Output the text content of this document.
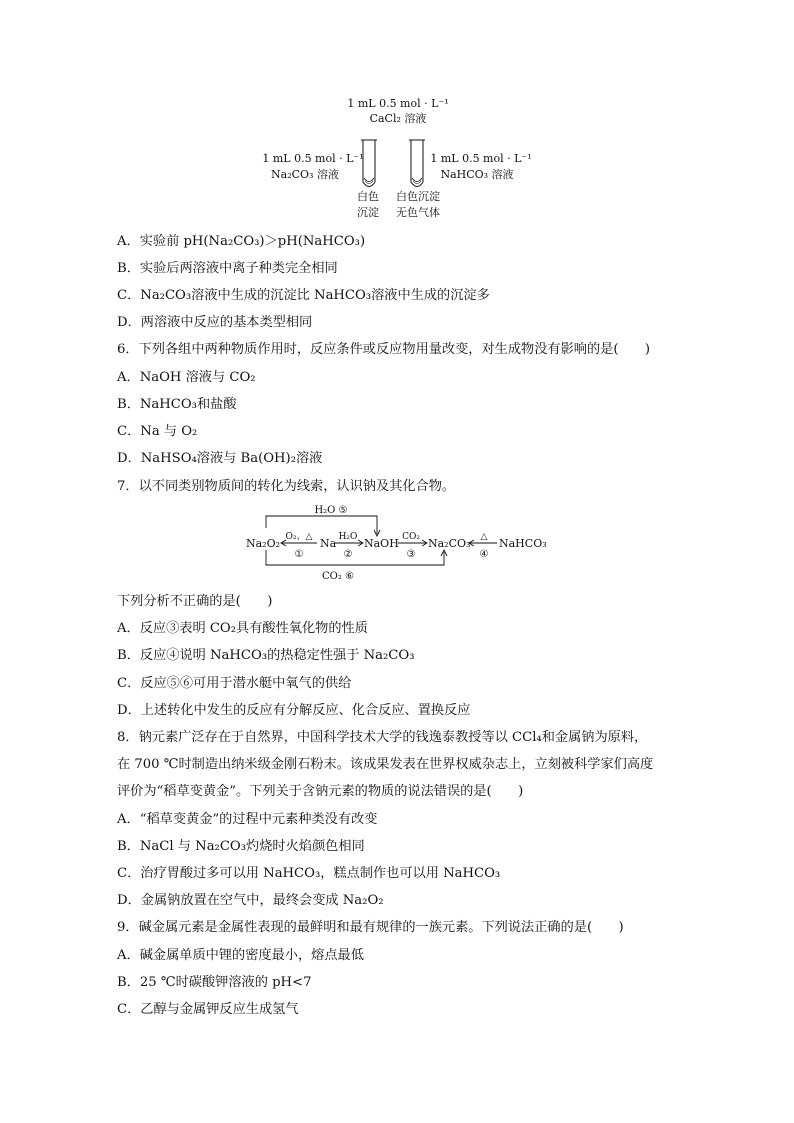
1 mL 0.5 mol · L⁻¹
CaCl₂ 溶液
1 mL 0.5 mol · L⁻¹
Na₂CO₃ 溶液
1 mL 0.5 mol · L⁻¹
NaHCO₃ 溶液
白色
沉淀
白色沉淀
无色气体
A．实验前 pH(Na₂CO₃)＞pH(NaHCO₃)
B．实验后两溶液中离子种类完全相同
C．Na₂CO₃溶液中生成的沉淀比 NaHCO₃溶液中生成的沉淀多
D．两溶液中反应的基本类型相同
6．下列各组中两种物质作用时，反应条件或反应物用量改变，对生成物没有影响的是(　　)
A．NaOH 溶液与 CO₂
B．NaHCO₃和盐酸
C．Na 与 O₂
D．NaHSO₄溶液与 Ba(OH)₂溶液
7．以不同类别物质间的转化为线索，认识钠及其化合物。
H₂O ⑤
CO₂ ⑥
Na₂O₂	Na	NaOH	Na₂CO₃	NaHCO₃
O₂、△
①
H₂O
②
CO₂
③
△
④
下列分析不正确的是(　　)
A．反应③表明 CO₂具有酸性氧化物的性质
B．反应④说明 NaHCO₃的热稳定性强于 Na₂CO₃
C．反应⑤⑥可用于潜水艇中氧气的供给
D．上述转化中发生的反应有分解反应、化合反应、置换反应
8．钠元素广泛存在于自然界，中国科学技术大学的钱逸泰教授等以 CCl₄和金属钠为原料，
在 700 ℃时制造出纳米级金刚石粉末。该成果发表在世界权威杂志上，立刻被科学家们高度
评价为“稻草变黄金”。下列关于含钠元素的物质的说法错误的是(　　)
A．“稻草变黄金”的过程中元素种类没有改变
B．NaCl 与 Na₂CO₃灼烧时火焰颜色相同
C．治疗胃酸过多可以用 NaHCO₃，糕点制作也可以用 NaHCO₃
D．金属钠放置在空气中，最终会变成 Na₂O₂
9．碱金属元素是金属性表现的最鲜明和最有规律的一族元素。下列说法正确的是(　　)
A．碱金属单质中锂的密度最小，熔点最低
B．25 ℃时碳酸钾溶液的 pH<7
C．乙醇与金属钾反应生成氢气
